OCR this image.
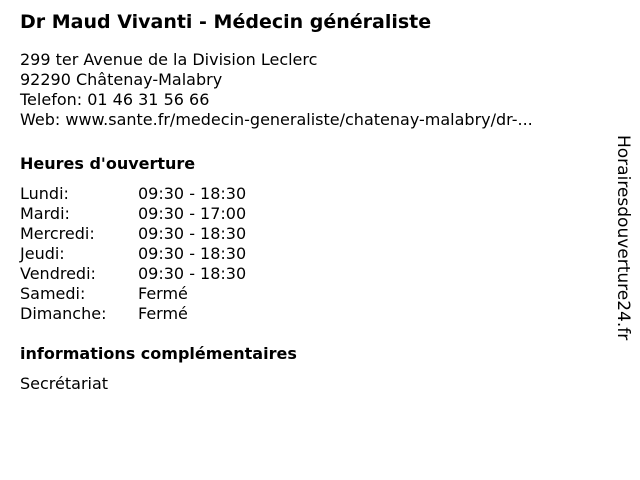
Dr Maud Vivanti - Médecin généraliste
299 ter Avenue de la Division Leclerc
92290 Châtenay-Malabry
Telefon: 01 46 31 56 66
Web: www.sante.fr/medecin-generaliste/chatenay-malabry/dr-...
Heures d'ouverture
Lundi:	09:30 - 18:30
Mardi:	09:30 - 17:00
Mercredi:	09:30 - 18:30
Jeudi:	09:30 - 18:30
Vendredi:	09:30 - 18:30
Samedi:	Fermé
Dimanche:	Fermé
informations complémentaires
Secrétariat
Horairesdouverture24.fr
